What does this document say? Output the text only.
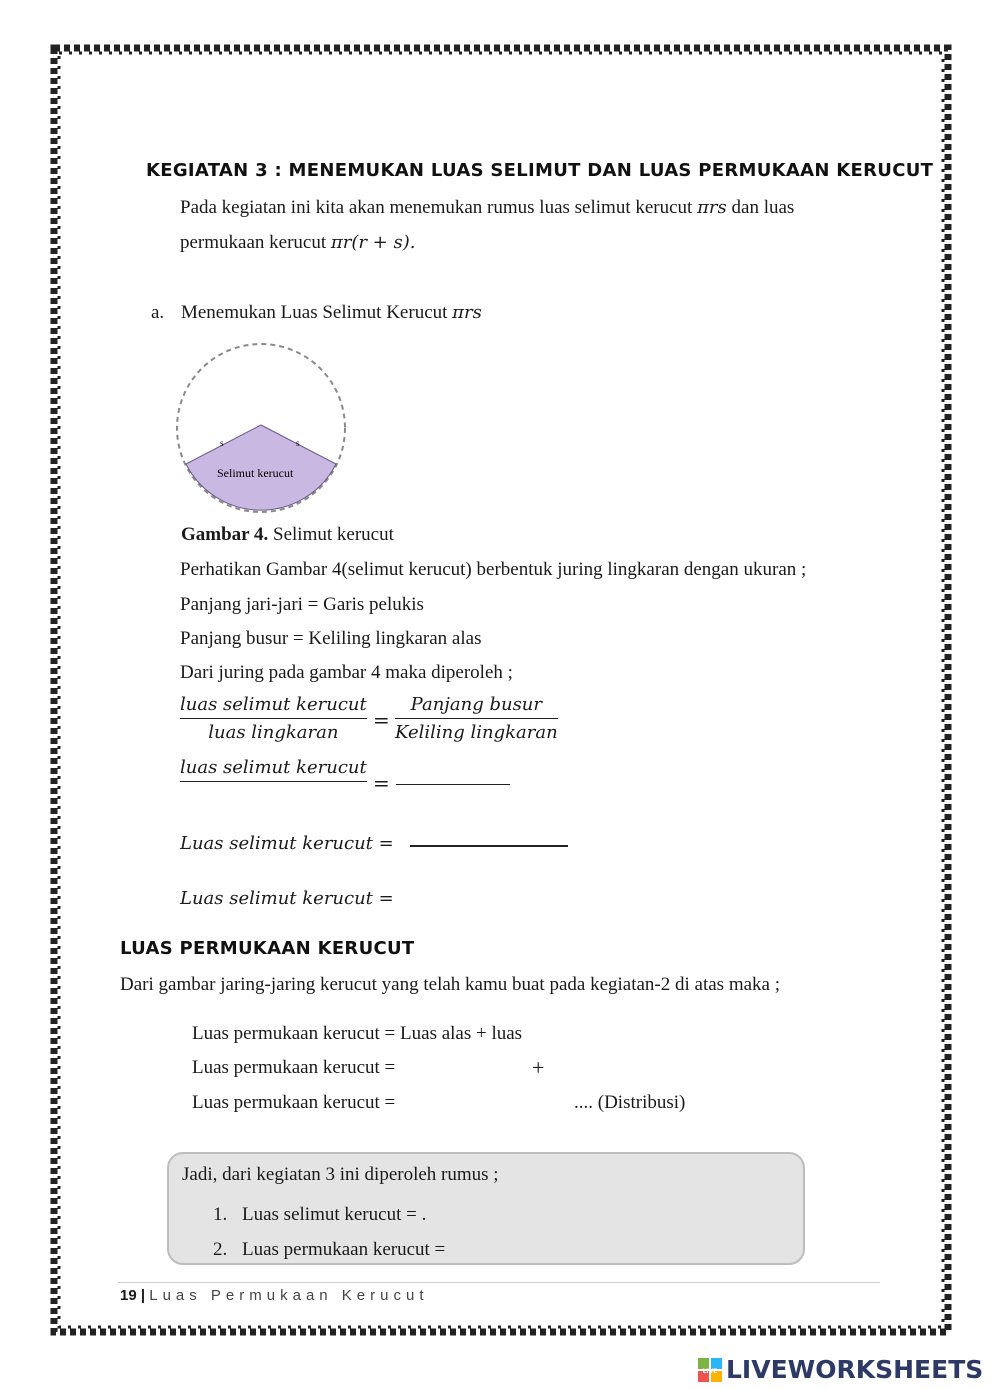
KEGIATAN 3 : MENEMUKAN LUAS SELIMUT DAN LUAS PERMUKAAN KERUCUT
Pada kegiatan ini kita akan menemukan rumus luas selimut kerucut πrs dan luas
permukaan kerucut πr(r + s).
a. Menemukan Luas Selimut Kerucut πrs
s	s
Selimut kerucut
Gambar 4. Selimut kerucut
Perhatikan Gambar 4(selimut kerucut) berbentuk juring lingkaran dengan ukuran ;
Panjang jari-jari = Garis pelukis
Panjang busur = Keliling lingkaran alas
Dari juring pada gambar 4 maka diperoleh ;
luas selimut kerucut
luas lingkaran
=
Panjang busur
Keliling lingkaran
luas selimut kerucut

=
Luas selimut kerucut =
Luas selimut kerucut =
LUAS PERMUKAAN KERUCUT
Dari gambar jaring-jaring kerucut yang telah kamu buat pada kegiatan-2 di atas maka ;
Luas permukaan kerucut = Luas alas + luas
Luas permukaan kerucut =	+
Luas permukaan kerucut =	.... (Distribusi)
Jadi, dari kegiatan 3 ini diperoleh rumus ;
1. Luas selimut kerucut = .
2. Luas permukaan kerucut =
19 | Luas Permukaan Kerucut
LIVE LIVEWORKSHEETS
